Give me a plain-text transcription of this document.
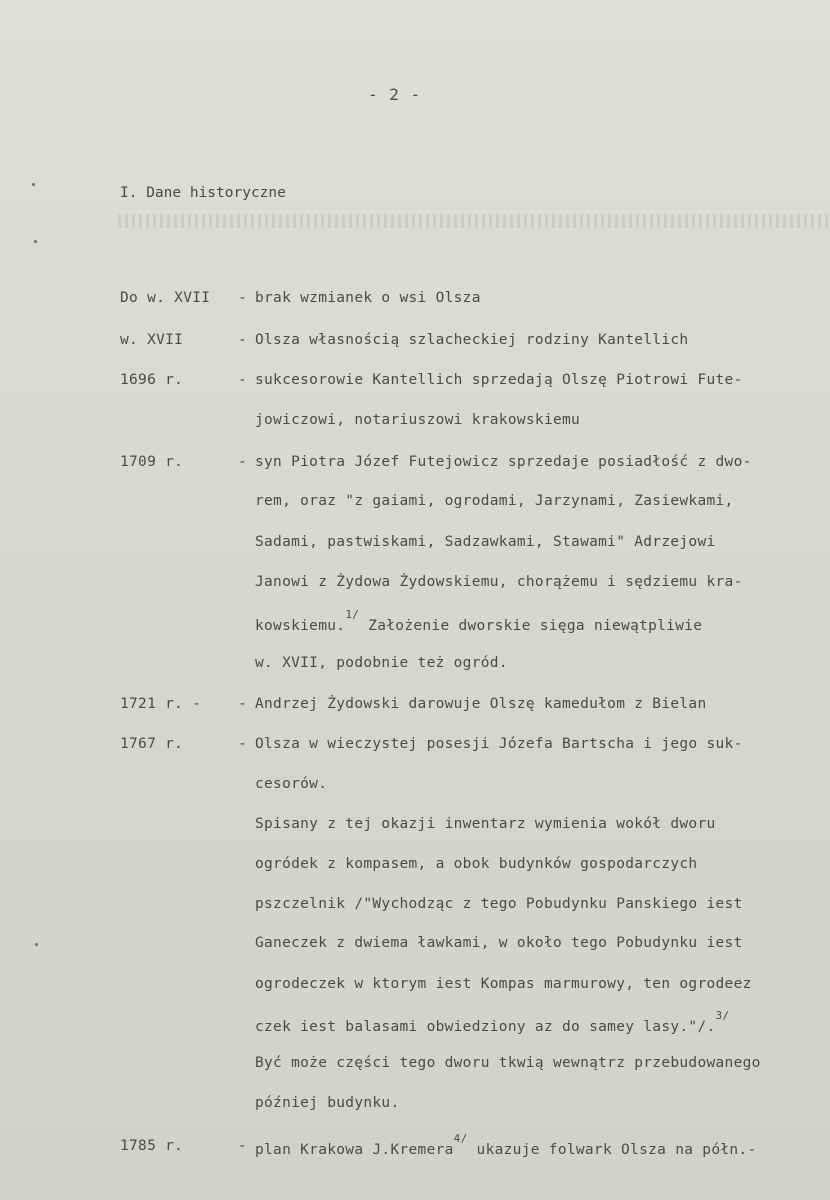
- 2 -
I. Dane historyczne
Do w. XVII - brak wzmianek o wsi Olsza
w. XVII	- Olsza własnością szlacheckiej rodziny Kantellich
1696 r.	- sukcesorowie Kantellich sprzedają Olszę Piotrowi Fute-
jowiczowi, notariuszowi krakowskiemu
1709 r.	- syn Piotra Józef Futejowicz sprzedaje posiadłość z dwo-
rem, oraz "z gaiami, ogrodami, Jarzynami, Zasiewkami,
Sadami, pastwiskami, Sadzawkami, Stawami" Adrzejowi
Janowi z Żydowa Żydowskiemu, chorążemu i sędziemu kra-
kowskiemu.$^{1/}$ Założenie dworskie sięga niewątpliwie
w. XVII, podobnie też ogród.
1721 r. -	- Andrzej Żydowski darowuje Olszę kamedułom z Bielan
1767 r.	- Olsza w wieczystej posesji Józefa Bartscha i jego suk-
cesorów.
Spisany z tej okazji inwentarz wymienia wokół dworu
ogródek z kompasem, a obok budynków gospodarczych
pszczelnik /"Wychodząc z tego Pobudynku Panskiego iest
Ganeczek z dwiema ławkami, w około tego Pobudynku iest
ogrodeczek w ktorym iest Kompas marmurowy, ten ogrodeez
czek iest balasami obwiedziony az do samey lasy."/.$^{3/}$
Być może części tego dworu tkwią wewnątrz przebudowanego
później budynku.
1785 r.	- plan Krakowa J.Kremera$^{4/}$ ukazuje folwark Olsza na półn.-
